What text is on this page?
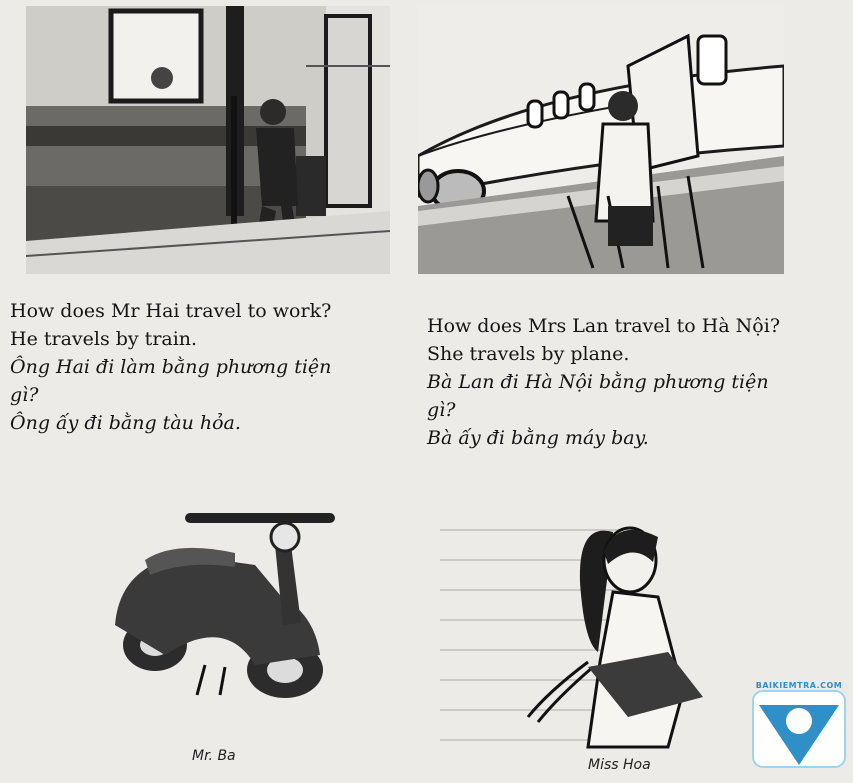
How does Mr Hai travel to work?
He travels by train.
Ông Hai đi làm bằng phương tiện
gì?
Ông ấy đi bằng tàu hỏa.
How does Mrs Lan travel to Hà Nội?
She travels by plane.
Bà Lan đi Hà Nội bằng phương tiện
gì?
Bà ấy đi bằng máy bay.
Mr. Ba
Miss Hoa
BAIKIEMTRA.COM
